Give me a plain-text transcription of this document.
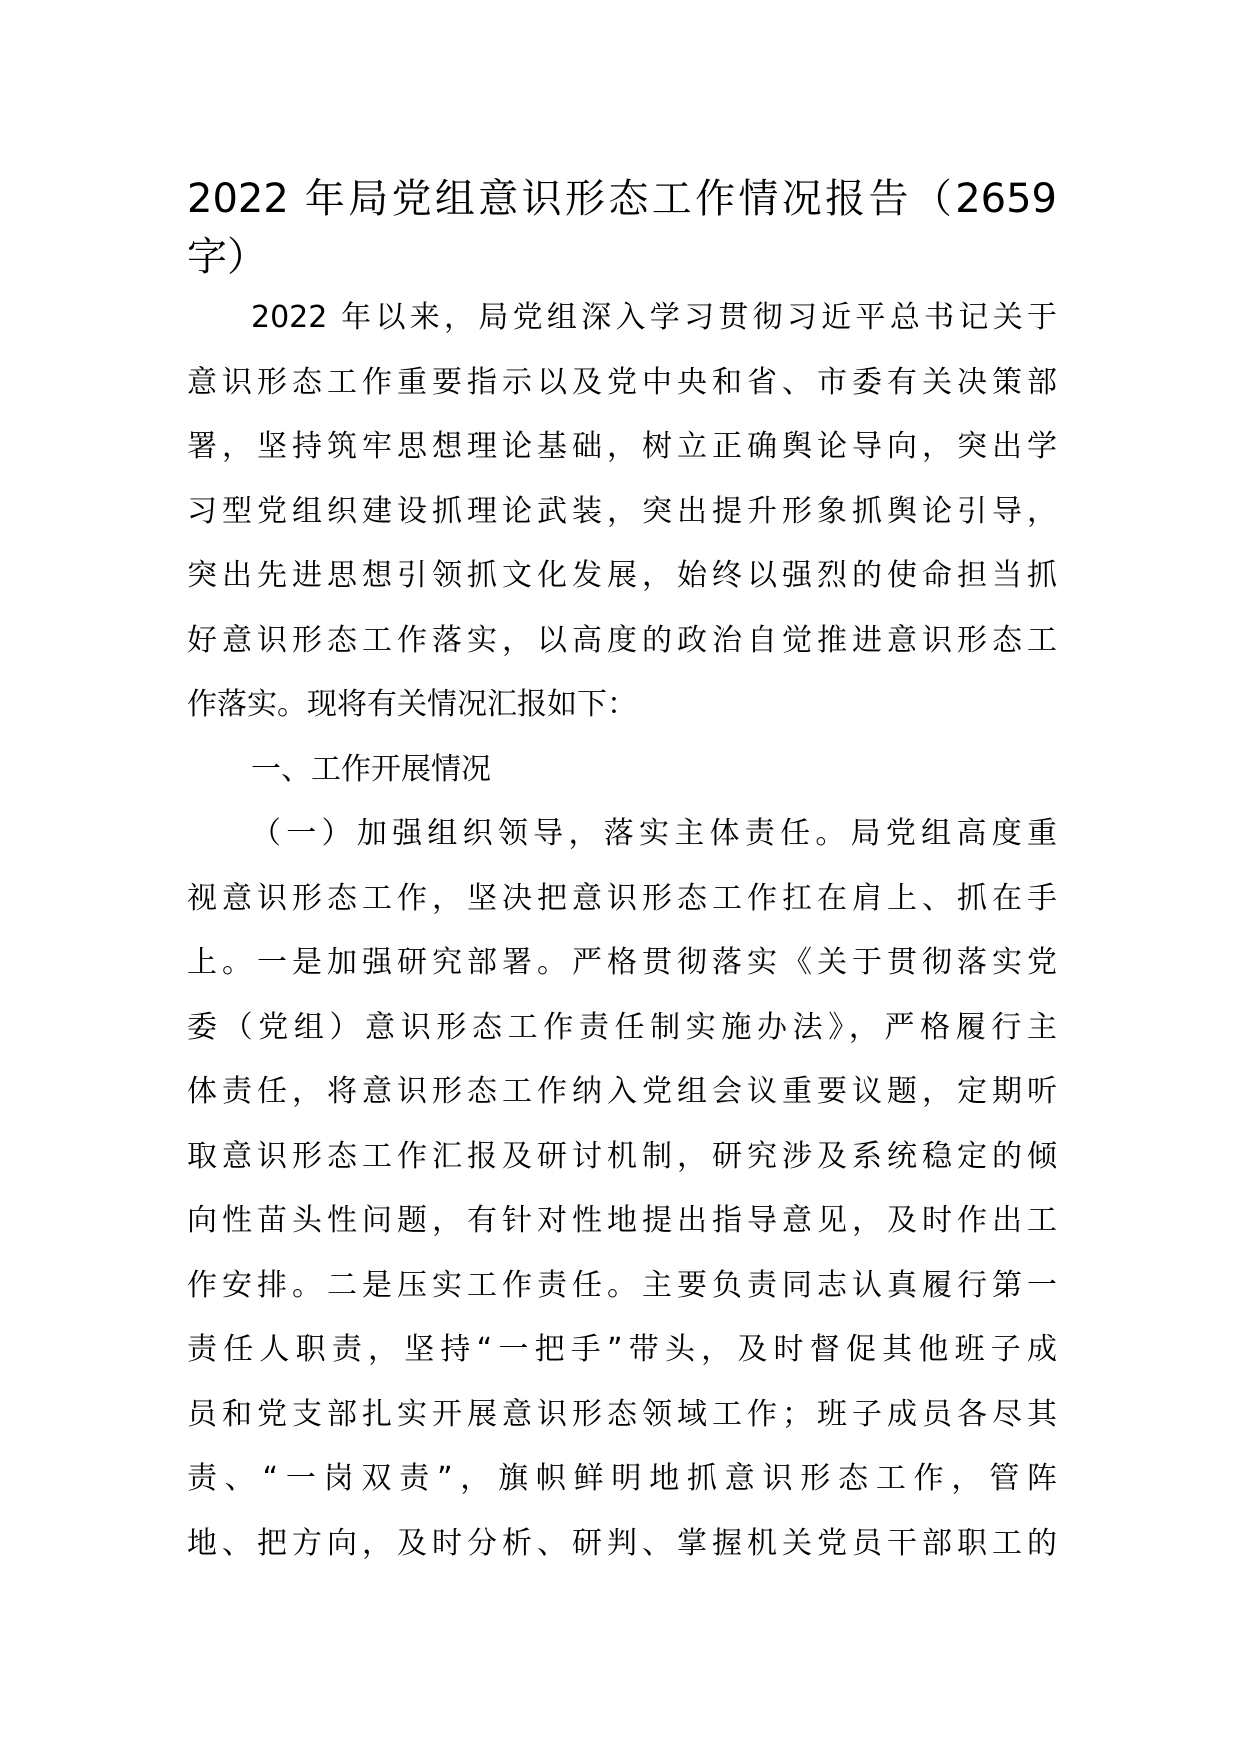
2022 年局党组意识形态工作情况报告（2659
字）

2022 年以来，局党组深入学习贯彻习近平总书记关于
意识形态工作重要指示以及党中央和省、市委有关决策部
署，坚持筑牢思想理论基础，树立正确舆论导向，突出学
习型党组织建设抓理论武装，突出提升形象抓舆论引导，
突出先进思想引领抓文化发展，始终以强烈的使命担当抓
好意识形态工作落实，以高度的政治自觉推进意识形态工
作落实。现将有关情况汇报如下：

一、工作开展情况

（一）加强组织领导，落实主体责任。局党组高度重
视意识形态工作，坚决把意识形态工作扛在肩上、抓在手
上。一是加强研究部署。严格贯彻落实《关于贯彻落实党
委（党组）意识形态工作责任制实施办法》，严格履行主
体责任，将意识形态工作纳入党组会议重要议题，定期听
取意识形态工作汇报及研讨机制，研究涉及系统稳定的倾
向性苗头性问题，有针对性地提出指导意见，及时作出工
作安排。二是压实工作责任。主要负责同志认真履行第一
责任人职责，坚持“一把手”带头，及时督促其他班子成
员和党支部扎实开展意识形态领域工作；班子成员各尽其
责、“一岗双责”，旗帜鲜明地抓意识形态工作，管阵
地、把方向，及时分析、研判、掌握机关党员干部职工的
